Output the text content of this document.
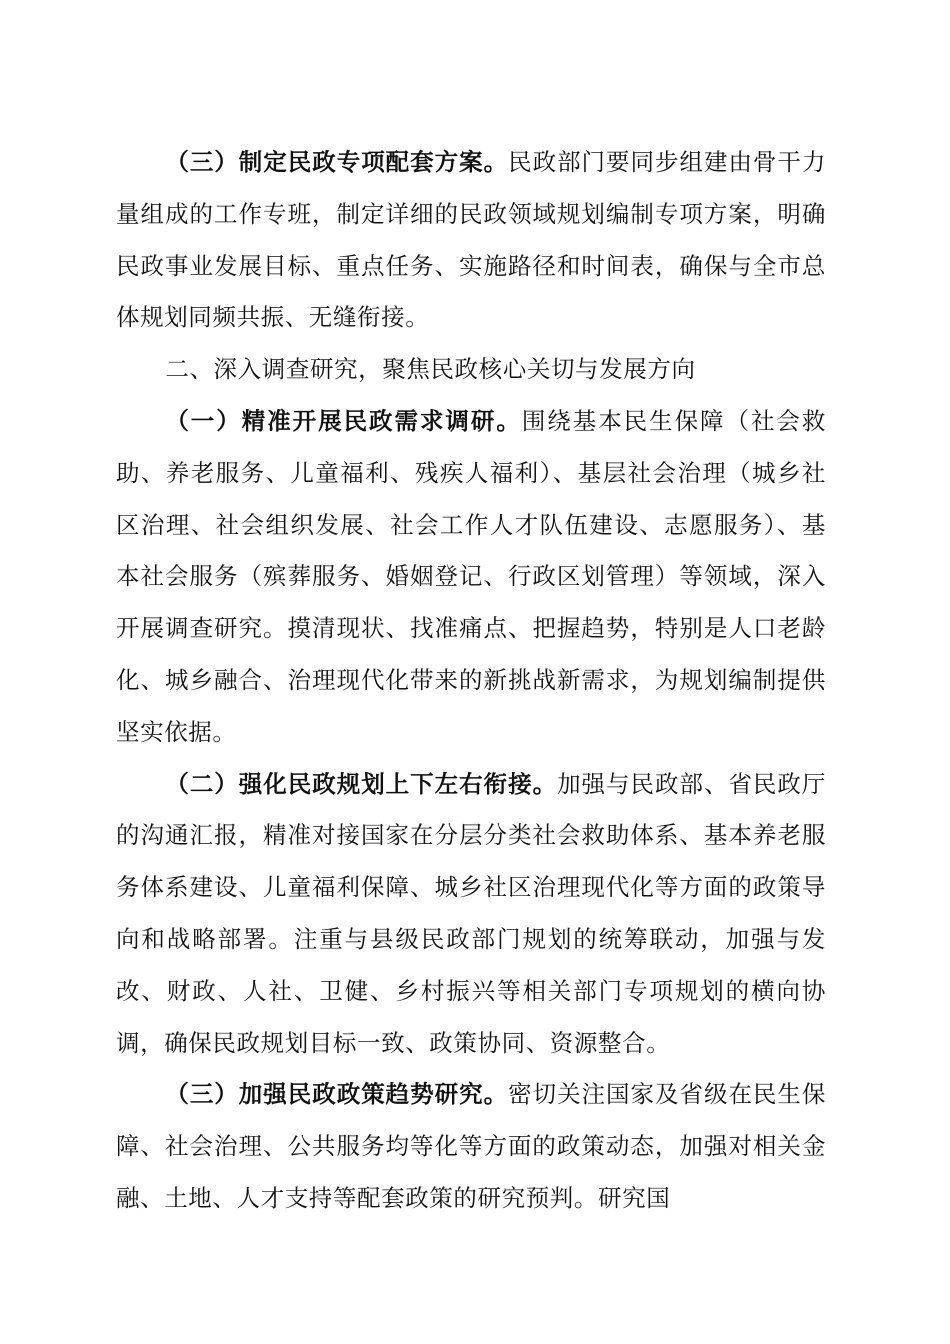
（三）制定民政专项配套方案。民政部门要同步组建由骨干力量组成的工作专班，制定详细的民政领域规划编制专项方案，明确民政事业发展目标、重点任务、实施路径和时间表，确保与全市总体规划同频共振、无缝衔接。

二、深入调查研究，聚焦民政核心关切与发展方向

（一）精准开展民政需求调研。围绕基本民生保障（社会救助、养老服务、儿童福利、残疾人福利）、基层社会治理（城乡社区治理、社会组织发展、社会工作人才队伍建设、志愿服务）、基本社会服务（殡葬服务、婚姻登记、行政区划管理）等领域，深入开展调查研究。摸清现状、找准痛点、把握趋势，特别是人口老龄化、城乡融合、治理现代化带来的新挑战新需求，为规划编制提供坚实依据。

（二）强化民政规划上下左右衔接。加强与民政部、省民政厅的沟通汇报，精准对接国家在分层分类社会救助体系、基本养老服务体系建设、儿童福利保障、城乡社区治理现代化等方面的政策导向和战略部署。注重与县级民政部门规划的统筹联动，加强与发改、财政、人社、卫健、乡村振兴等相关部门专项规划的横向协调，确保民政规划目标一致、政策协同、资源整合。

（三）加强民政政策趋势研究。密切关注国家及省级在民生保障、社会治理、公共服务均等化等方面的政策动态，加强对相关金融、土地、人才支持等配套政策的研究预判。研究国
